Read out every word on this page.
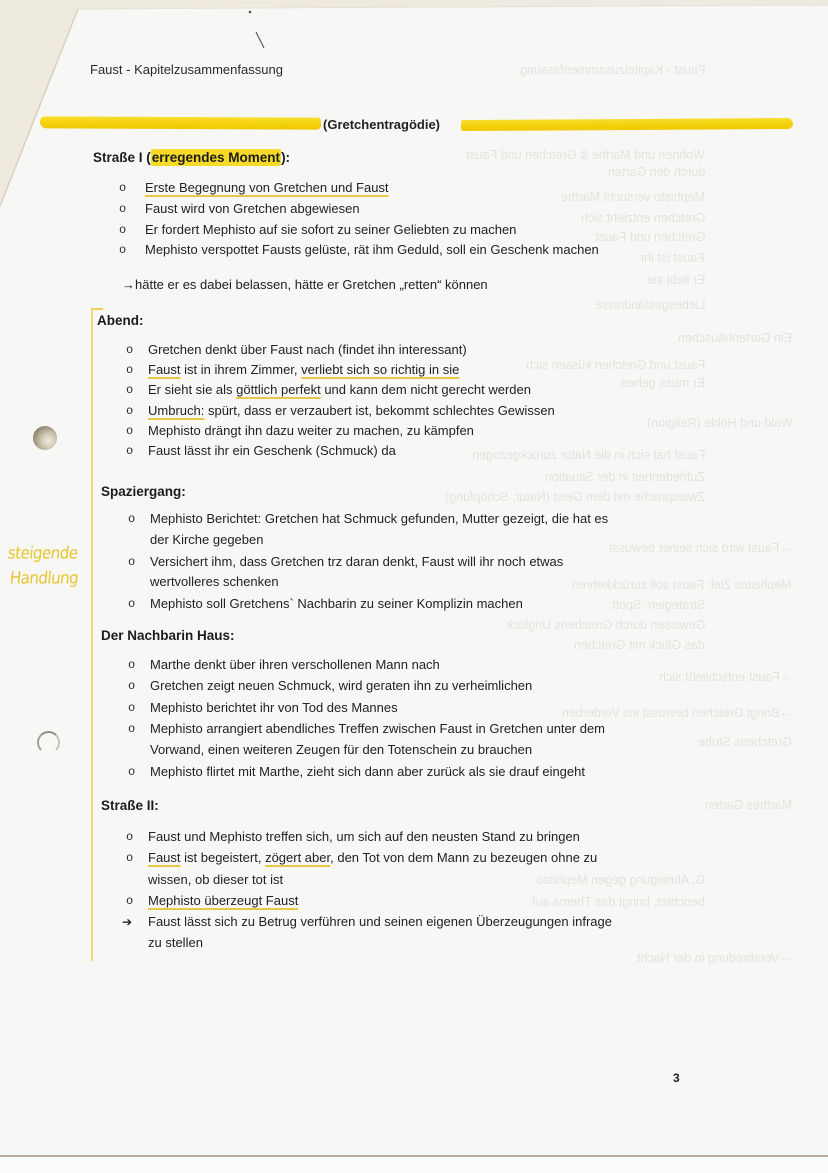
Faust - Kapitelzusammenfassung
Wohnen und Marthe & Gretchen und Faust
durch den Garten
Mephisto versucht Marthe
Gretchen entzieht sich
Gretchen und Faust
Faust ist ihr
Er liebt sie
Liebesgeständnisse
Ein Gartenhäuschen
Faust und Gretchen küssen sich
Er muss gehen
Wald und Höhle (Religion)
Faust hat sich in die Natur zurückgezogen
Zufriedenheit in der Situation
Zwiesprache mit dem Geist (Natur, Schöpfung)
→Faust wird sich seiner bewusst
Mephistos Ziel: Faust soll zurückkehren
Strategien: Spott
Gewissen durch Gretchens Unglück
das Glück mit Gretchen
→Faust entschließt sich
→Bringt Gretchen bewusst ins Verderben
Gretchens Stube
Marthes Garten
G. Abneigung gegen Mephisto
berichtet, bringt das Thema auf
→Verabredung in der Nacht
Faust - Kapitelzusammenfassung
(Gretchentragödie)
steigende
Handlung
Straße I (erregendes Moment):
o Erste Begegnung von Gretchen und Faust
o Faust wird von Gretchen abgewiesen
o Er fordert Mephisto auf sie sofort zu seiner Geliebten zu machen
o Mephisto verspottet Fausts gelüste, rät ihm Geduld, soll ein Geschenk machen
→hätte er es dabei belassen, hätte er Gretchen „retten“ können
Abend:
o Gretchen denkt über Faust nach (findet ihn interessant)
o Faust ist in ihrem Zimmer, verliebt sich so richtig in sie
o Er sieht sie als göttlich perfekt und kann dem nicht gerecht werden
o Umbruch: spürt, dass er verzaubert ist, bekommt schlechtes Gewissen
o Mephisto drängt ihn dazu weiter zu machen, zu kämpfen
o Faust lässt ihr ein Geschenk (Schmuck) da
Spaziergang:
o Mephisto Berichtet: Gretchen hat Schmuck gefunden, Mutter gezeigt, die hat es
der Kirche gegeben
o Versichert ihm, dass Gretchen trz daran denkt, Faust will ihr noch etwas
wertvolleres schenken
o Mephisto soll Gretchens` Nachbarin zu seiner Komplizin machen
Der Nachbarin Haus:
o Marthe denkt über ihren verschollenen Mann nach
o Gretchen zeigt neuen Schmuck, wird geraten ihn zu verheimlichen
o Mephisto berichtet ihr von Tod des Mannes
o Mephisto arrangiert abendliches Treffen zwischen Faust in Gretchen unter dem
Vorwand, einen weiteren Zeugen für den Totenschein zu brauchen
o Mephisto flirtet mit Marthe, zieht sich dann aber zurück als sie drauf eingeht
Straße II:
o Faust und Mephisto treffen sich, um sich auf den neusten Stand zu bringen
o Faust ist begeistert, zögert aber, den Tot von dem Mann zu bezeugen ohne zu
wissen, ob dieser tot ist
o Mephisto überzeugt Faust
➔ Faust lässt sich zu Betrug verführen und seinen eigenen Überzeugungen infrage
zu stellen
3
